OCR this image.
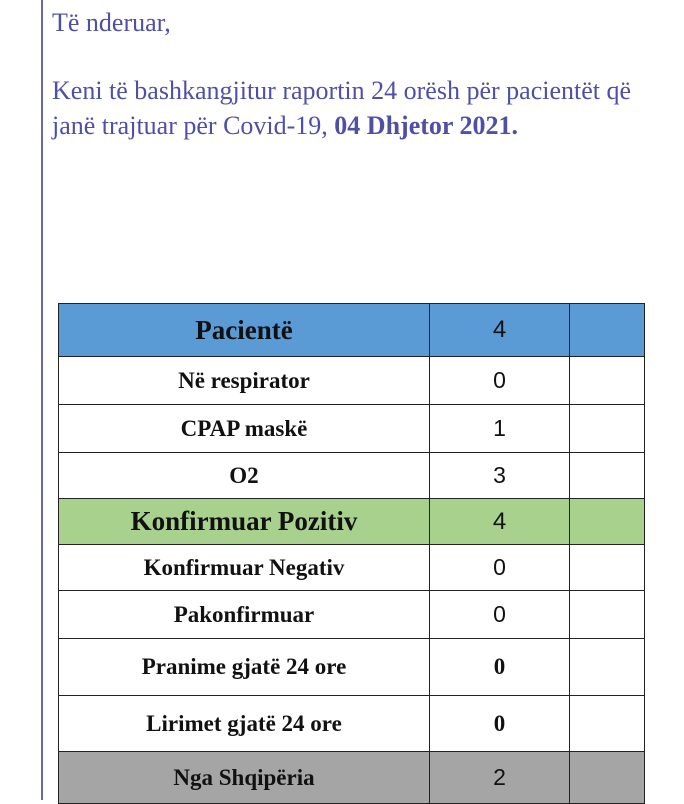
Të nderuar,
Keni të bashkangjitur raportin 24 orësh për pacientët që janë trajtuar për Covid-19, 04 Dhjetor 2021.
Pacientë	4	
Në respirator	0	
CPAP maskë	1	
O2	3	
Konfirmuar Pozitiv	4	
Konfirmuar Negativ	0	
Pakonfirmuar	0	
Pranime gjatë 24 ore	0	
Lirimet gjatë 24 ore	0	
Nga Shqipëria	2	
